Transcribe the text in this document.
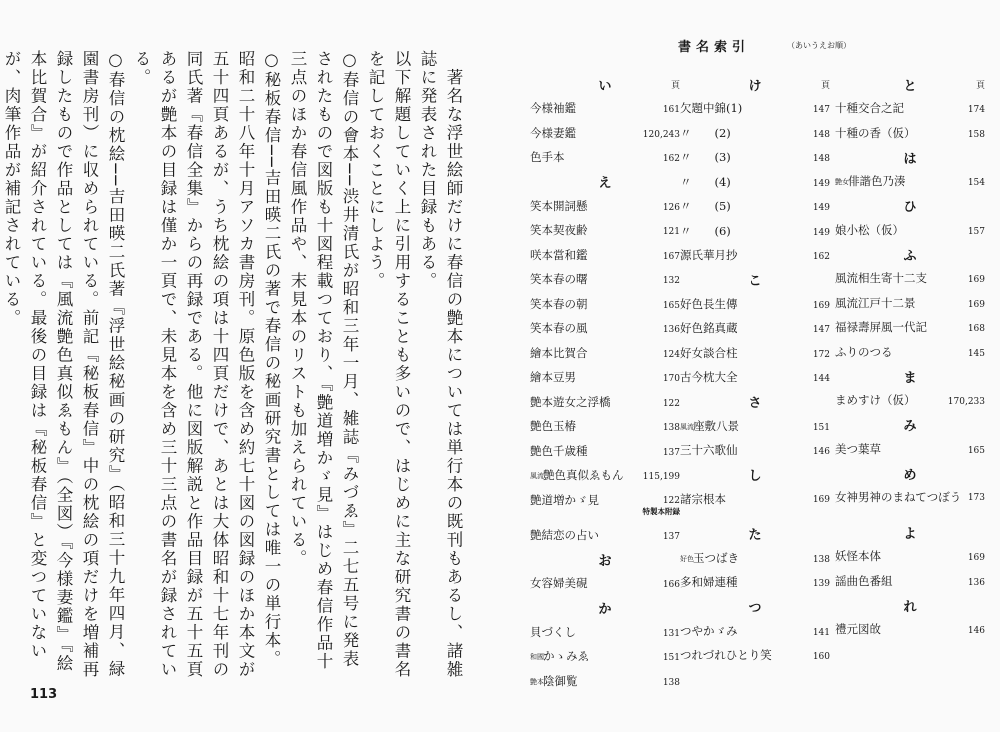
　著名な浮世絵師だけに春信の艶本については単行本の既刊もあるし、諸雑誌に発表された目録もある。

以下解題していく上に引用することも多いので、はじめに主な研究書の書名を記しておくことにしよう。

○春信の會本──渋井清氏が昭和三年一月、雑誌『みづゑ』二七五号に発表されたもので図版も十図程載つており、『艶道増かゞ見』はじめ春信作品十三点のほか春信風作品や、末見本のリストも加えられている。

○秘板春信──吉田暎二氏の著で春信の秘画研究書としては唯一の単行本。昭和二十八年十月アソカ書房刊。原色版を含め約七十図の図録のほか本文が五十四頁あるが、うち枕絵の項は十四頁だけで、あとは大体昭和十七年刊の同氏著『春信全集』からの再録である。他に図版解説と作品目録が五十五頁あるが艶本の目録は僅か一頁で、未見本を含め三十三点の書名が録されている。

○春信の枕絵──吉田暎二氏著『浮世絵秘画の研究』（昭和三十九年四月、緑園書房刊）に収められている。前記『秘板春信』中の枕絵の項だけを増補再録したもので作品としては『風流艶色真似ゑもん』（全図）『今様妻鑑』『絵本比賀合』が紹介されている。最後の目録は『秘板春信』と変つていないが、肉筆作品が補記されている。

113
書名索引	（あいうえお順）
い	頁
今様袖鑑	161
今様妻鑑	120,243
色手本	162
え
笑本開詞懸	126
笑本契夜齢	121
咲本當和鑑	167
笑本春の曙	132
笑本春の朝	165
笑本春の風	136
繪本比賀合	124
繪本豆男	170
艶本遊女之浮橋	122
艶色玉椿	138
艶色千歳種	137
風流艶色真似ゑもん	115,199
艶道増かゞ見	122
特製本附録
艶結恋の占い	137
お
女容婦美硯	166
か
貝づくし	131
和國かゝみゑ	151
艶本陰御覧	138
け	頁
欠題中錦(1)	147
〃　　(2)	148
〃　　(3)	148
〃　　(4)	149
〃　　(5)	149
〃　　(6)	149
源氏華月抄	162
こ
好色長生傳	169
好色銘真蔵	147
好女談合柱	172
古今枕大全	144
さ
風流座敷八景	151
三十六歌仙	146
し
諸宗根本	169
た
好色玉つばき	138
多和婦連種	139
つ
つやかゞみ	141
つれづれひとり笑	160
と	頁
十種交合之記	174
十種の香（仮）	158
は
艶女俳諧色乃湊	154
ひ
娘小松（仮）	157
ふ
風流相生寄十二支	169
風流江戸十二景	169
福禄壽屏風一代記	168
ふりのつる	145
ま
まめすけ（仮）	170,233
み
美つ葉草	165
め
女神男神のまねてつぼう 173
よ
妖怪本体	169
謡曲色番組	136
れ
禮元図敀	146
